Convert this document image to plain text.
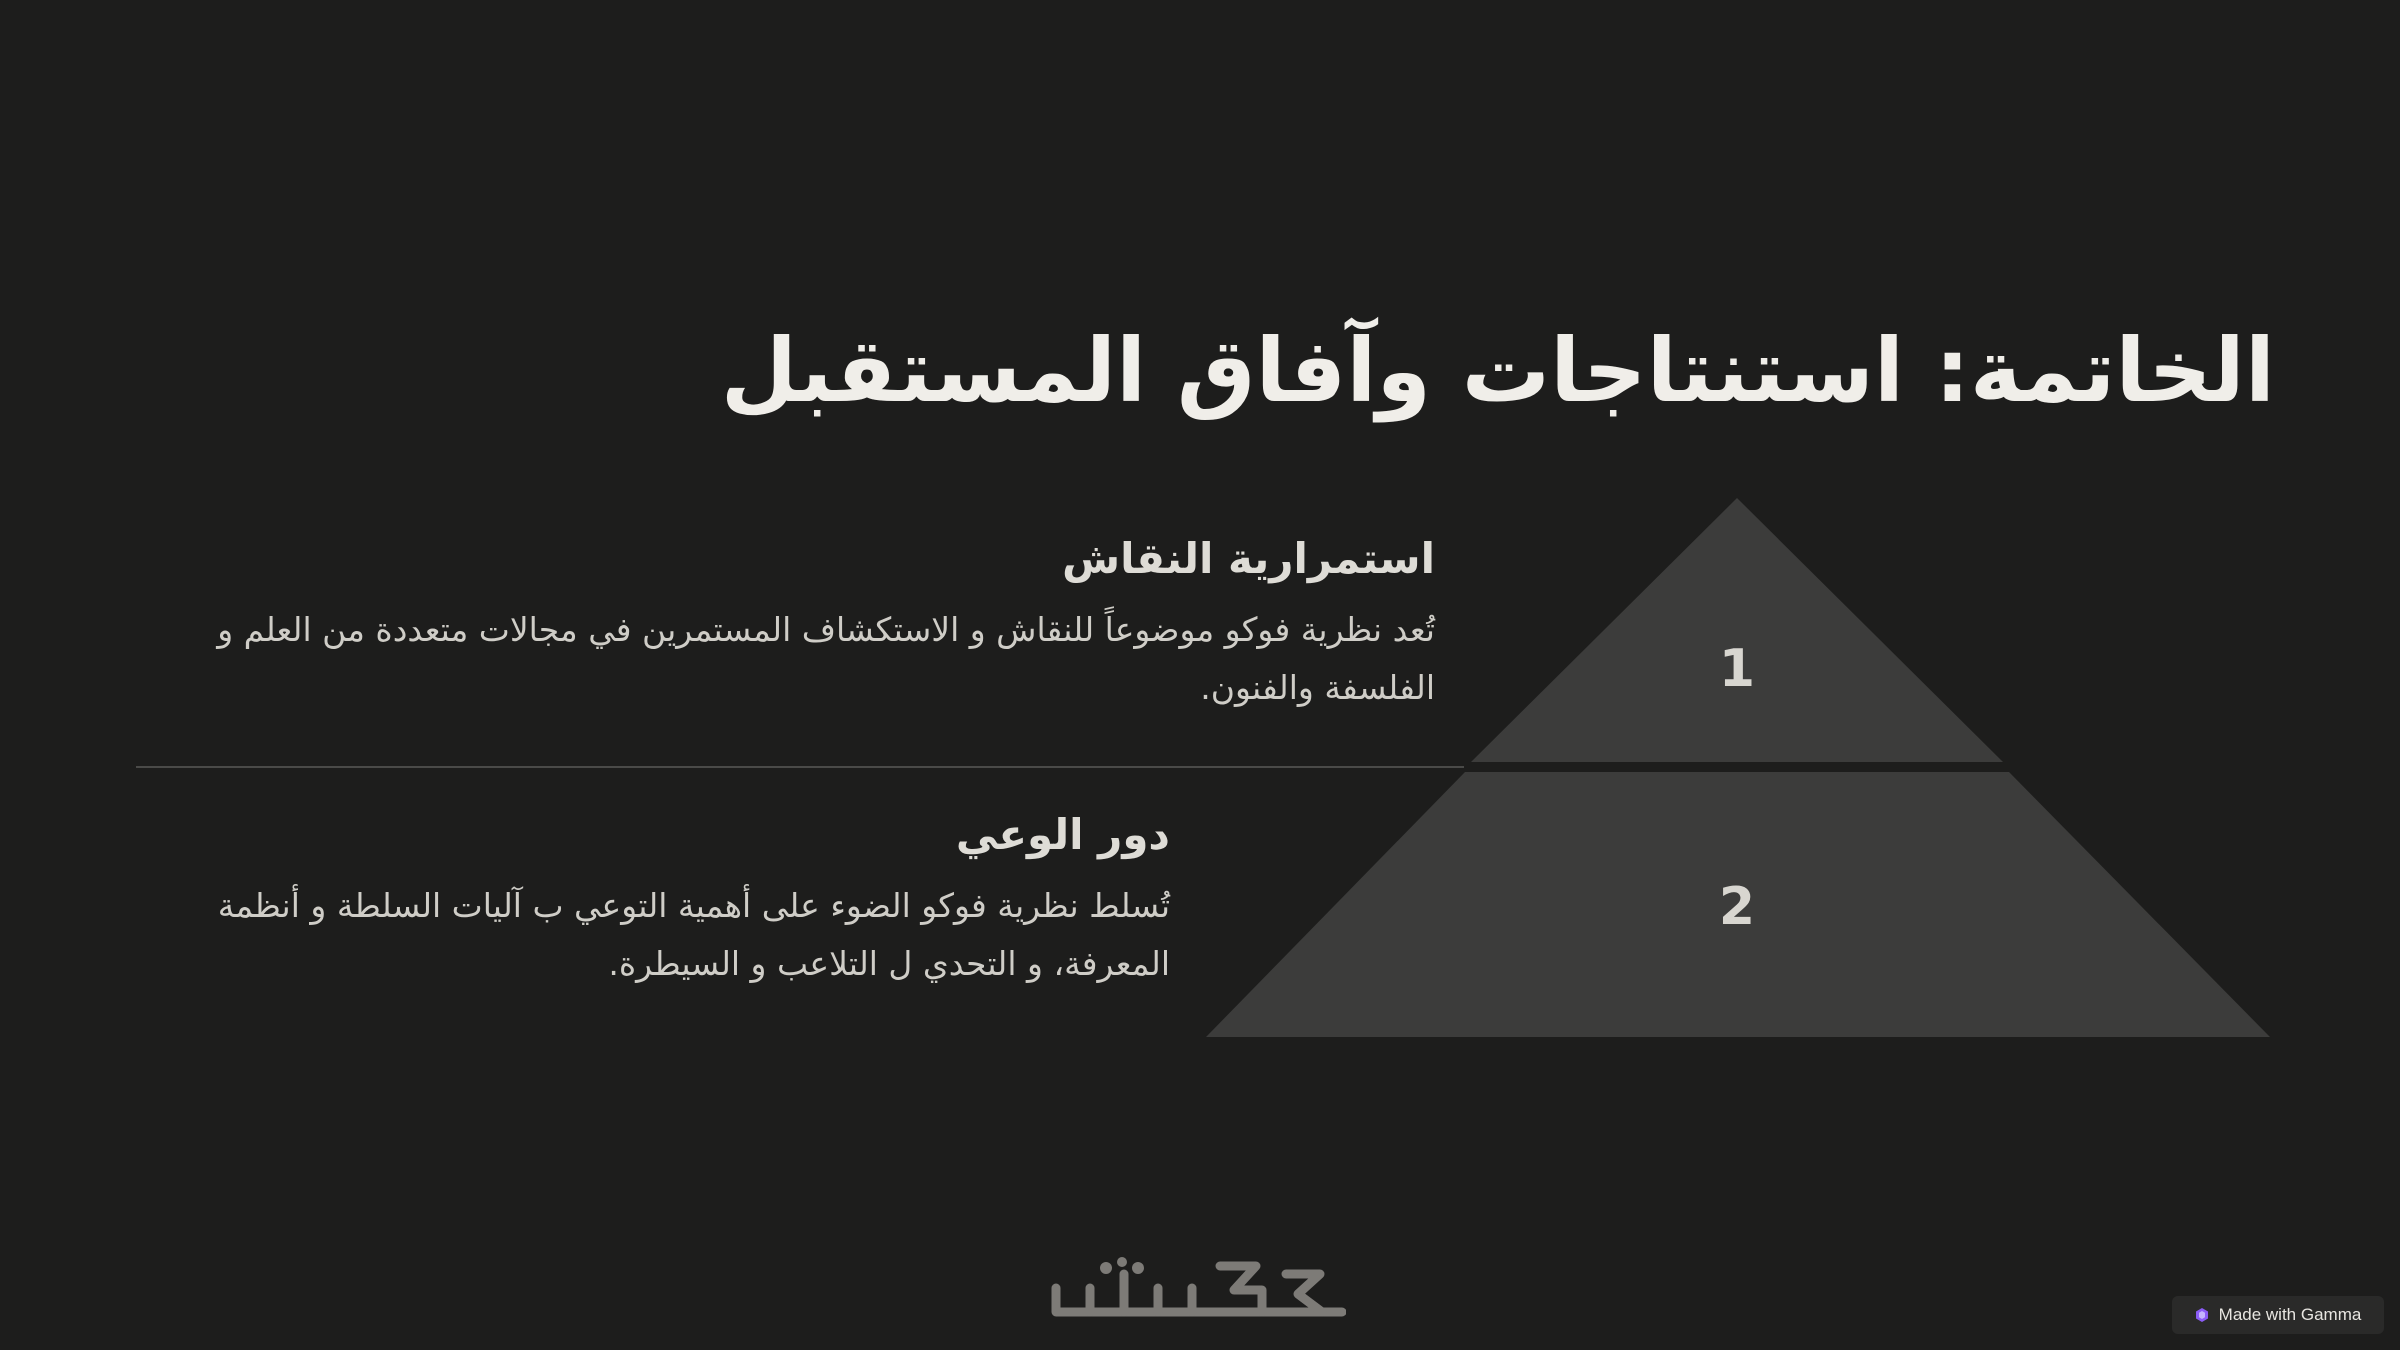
الخاتمة: استنتاجات وآفاق المستقبل
1
2
استمرارية النقاش

تُعد نظرية فوكو موضوعاً للنقاش و الاستكشاف المستمرين في مجالات متعددة من العلم و الفلسفة والفنون.

دور الوعي

تُسلط نظرية فوكو الضوء على أهمية التوعي ب آليات السلطة و أنظمة المعرفة، و التحدي ل التلاعب و السيطرة.

Made with Gamma
